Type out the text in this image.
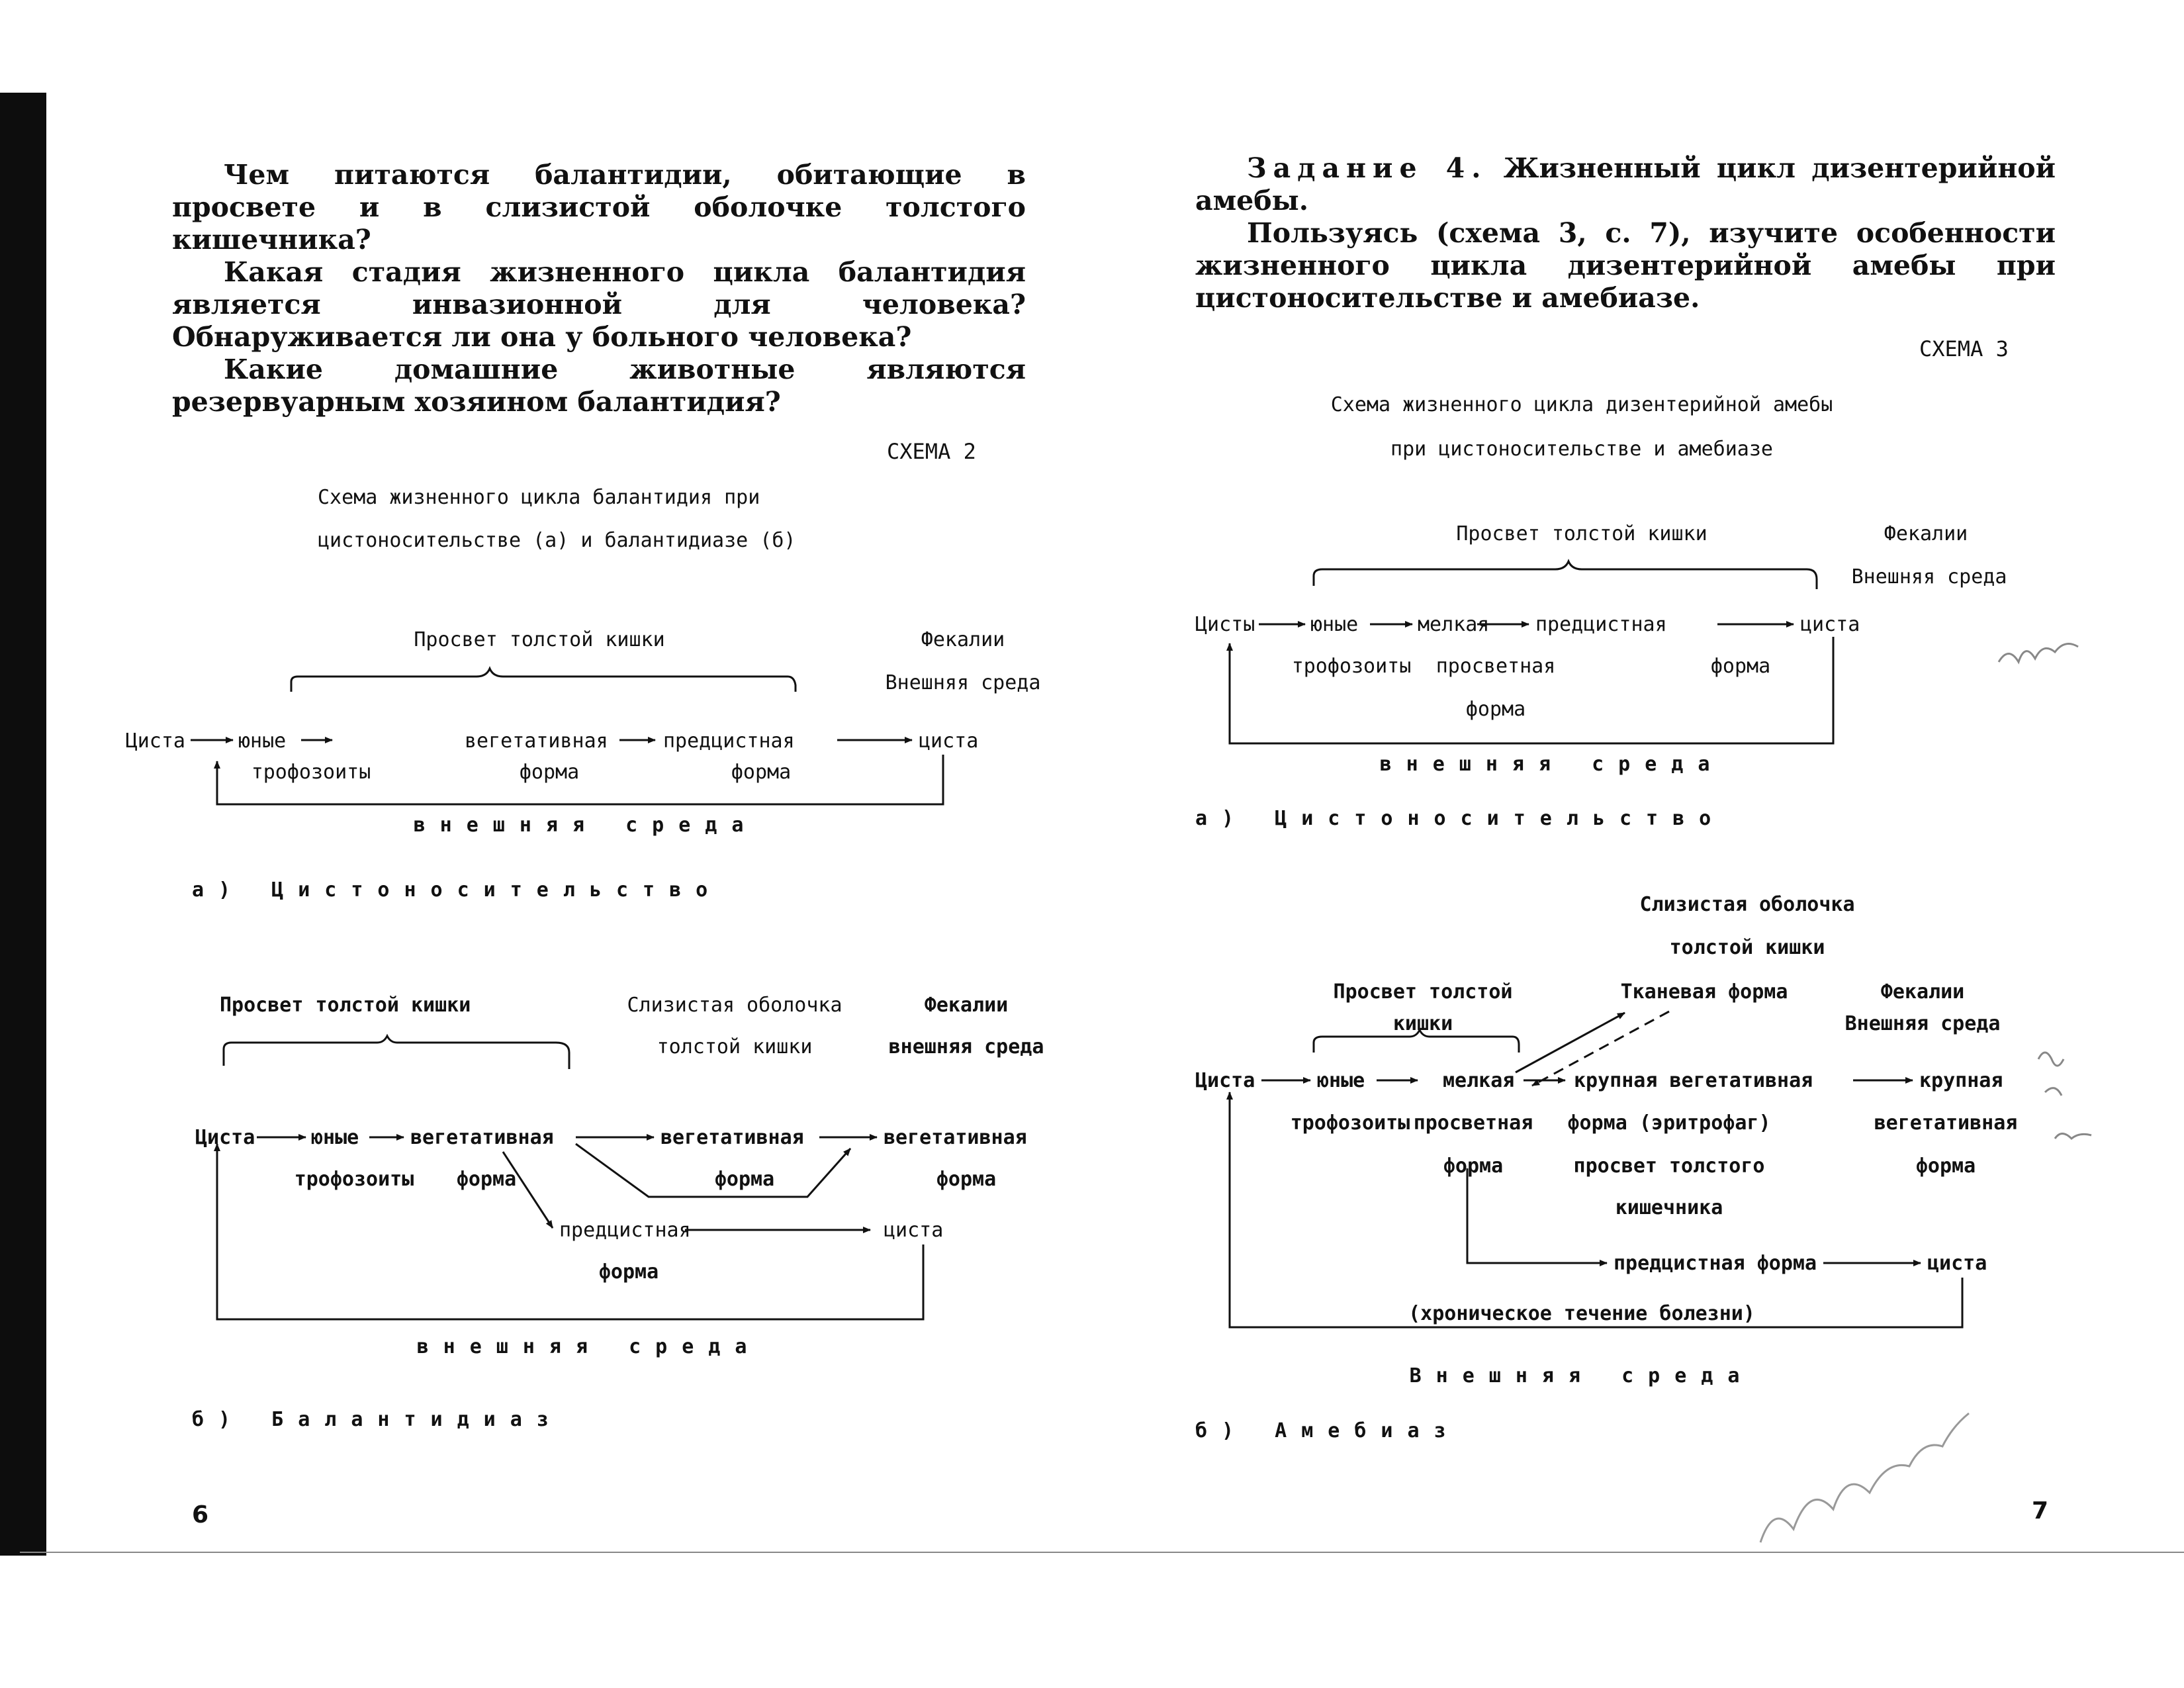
Чем питаются балантидии, обитающие в просвете и в слизистой оболочке толстого кишечника?

Какая стадия жизненного цикла балантидия является инвазионной для человека? Обнаруживается ли она у больного человека?

Какие домашние животные являются резервуарным хозяином балантидия?

СХЕМА 2
Схема жизненного цикла балантидия при
цистоносительстве (а) и балантидиазе (б)
Просвет толстой кишки	Фекалии
Внешняя среда
Циста	юные
трофозоиты
вегетативная
форма
предцистная
форма
циста
внешняя среда
а) Цистоносительство
Просвет толстой кишки	Слизистая оболочка
толстой кишки
Фекалии
внешняя среда
Циста	юные
трофозоиты
вегетативная
форма
вегетативная
форма
вегетативная
форма
предцистная
форма
циста
внешняя среда
б) Балантидиаз
6

Задание 4. Жизненный цикл дизентерийной амебы.

Пользуясь (схема 3, с. 7), изучите особенности жизненного цикла дизентерийной амебы при цистоносительстве и амебиазе.

СХЕМА 3
Схема жизненного цикла дизентерийной амебы
при цистоносительстве и амебиазе
Просвет толстой кишки	Фекалии
Внешняя среда
Цисты	юные
трофозоиты
мелкая
просветная
форма
предцистная
форма
циста
внешняя среда
а) Цистоносительство
Слизистая оболочка
толстой кишки
Просвет толстой
кишки
Тканевая форма	Фекалии
Внешняя среда
Циста	юные
трофозоиты
мелкая
просветная
форма
крупная вегетативная
форма (эритрофаг)
просвет толстого
кишечника
крупная
вегетативная
форма
предцистная форма	циста
(хроническое течение болезни)
Внешняя среда
б) Амебиаз
7
